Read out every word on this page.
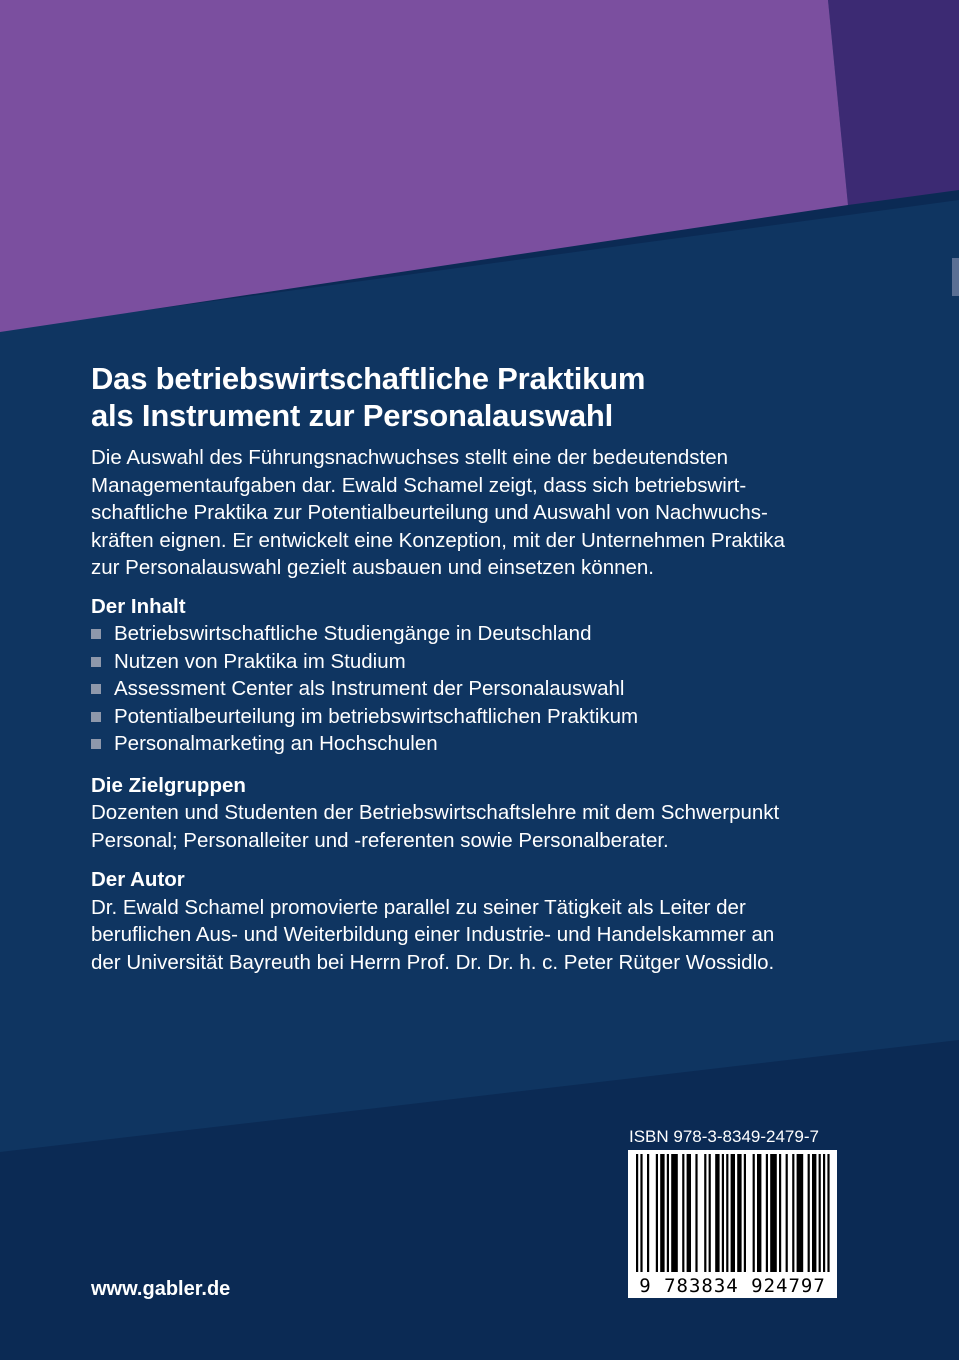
Das betriebswirtschaftliche Praktikum
als Instrument zur Personalauswahl

Die Auswahl des Führungsnachwuchses stellt eine der bedeutendsten
Managementaufgaben dar. Ewald Schamel zeigt, dass sich betriebswirt-
schaftliche Praktika zur Potentialbeurteilung und Auswahl von Nachwuchs-
kräften eignen. Er entwickelt eine Konzeption, mit der Unternehmen Praktika
zur Personalauswahl gezielt ausbauen und einsetzen können.

Der Inhalt
Betriebswirtschaftliche Studiengänge in Deutschland
Nutzen von Praktika im Studium
Assessment Center als Instrument der Personalauswahl
Potentialbeurteilung im betriebswirtschaftlichen Praktikum
Personalmarketing an Hochschulen
Die Zielgruppen

Dozenten und Studenten der Betriebswirtschaftslehre mit dem Schwerpunkt
Personal; Personalleiter und -referenten sowie Personalberater.

Der Autor

Dr. Ewald Schamel promovierte parallel zu seiner Tätigkeit als Leiter der
beruflichen Aus- und Weiterbildung einer Industrie- und Handelskammer an
der Universität Bayreuth bei Herrn Prof. Dr. Dr. h. c. Peter Rütger Wossidlo.

ISBN 978-3-8349-2479-7
9 783834 924797
www.gabler.de
